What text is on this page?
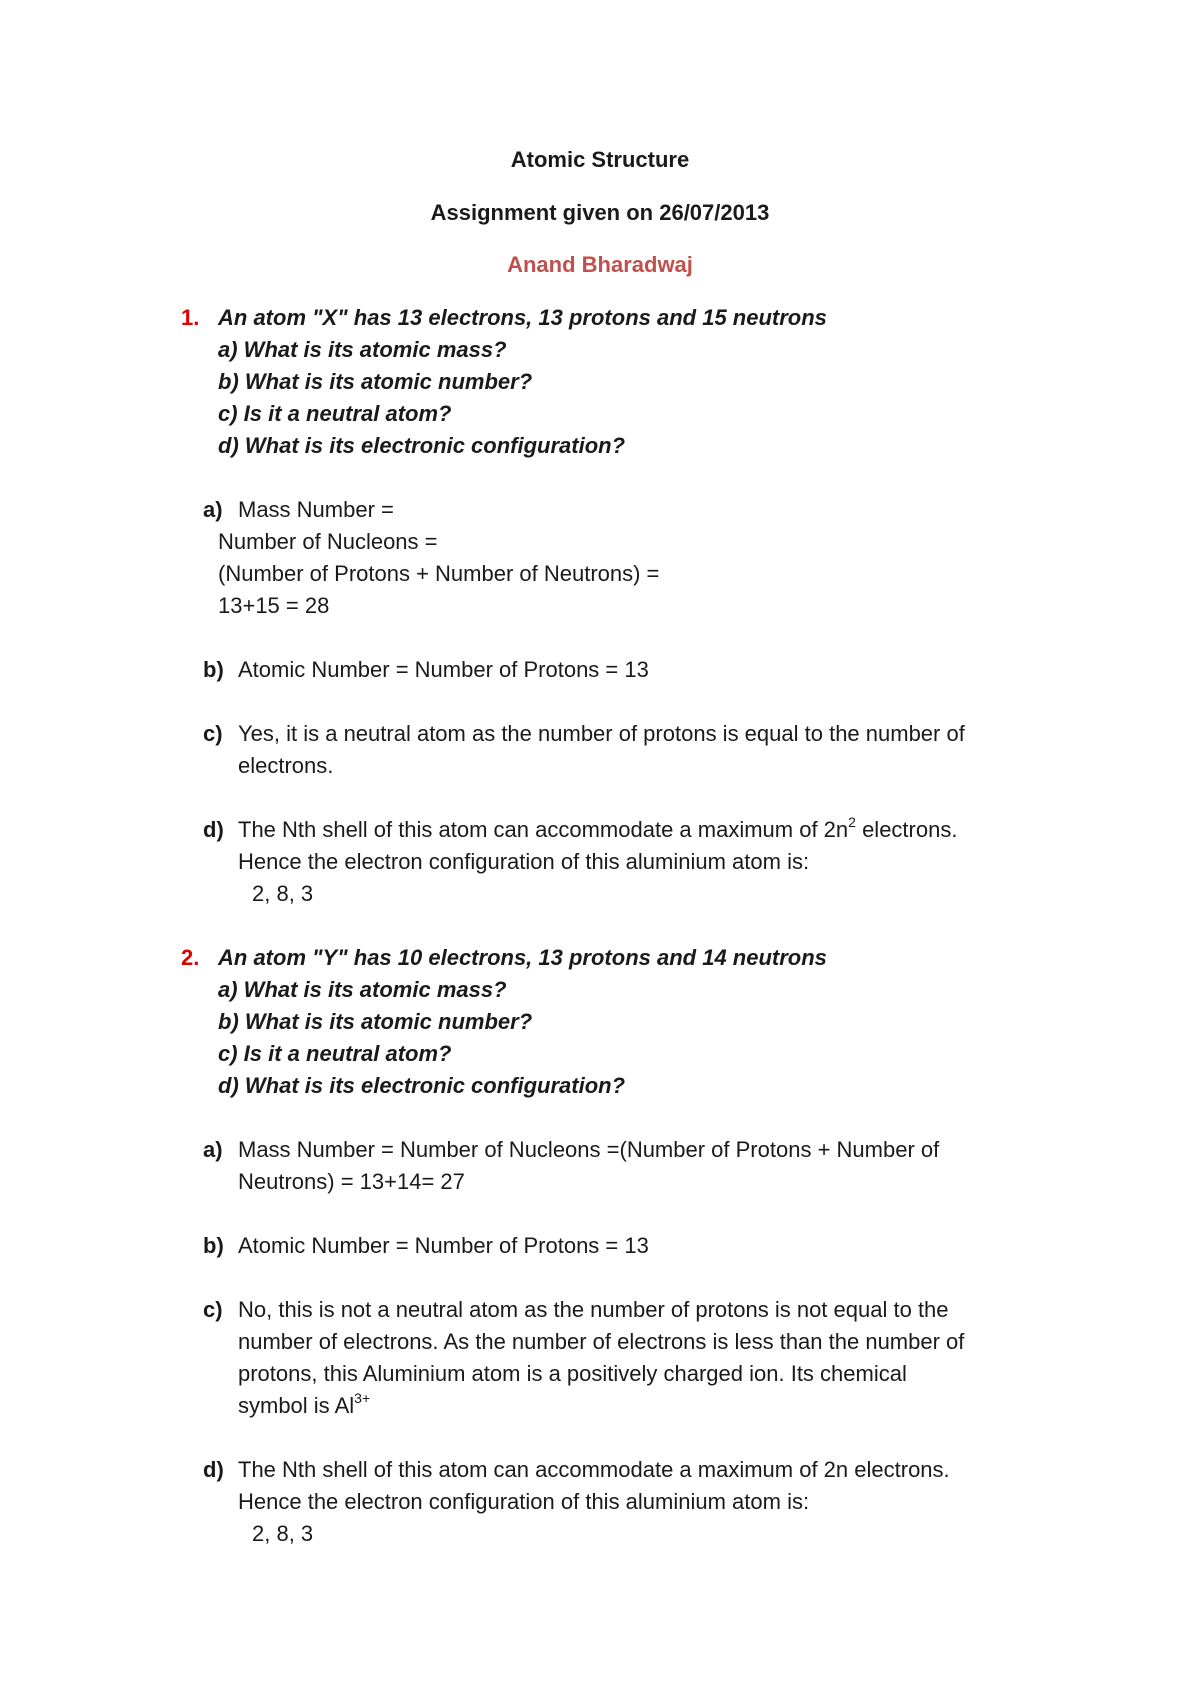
Atomic Structure
Assignment given on 26/07/2013
Anand Bharadwaj
1. An atom "X" has 13 electrons, 13 protons and 15 neutrons
a) What is its atomic mass?
b) What is its atomic number?
c) Is it a neutral atom?
d) What is its electronic configuration?
a) Mass Number =
Number of Nucleons =
(Number of Protons + Number of Neutrons) =
13+15 = 28
b) Atomic Number = Number of Protons = 13
c) Yes, it is a neutral atom as the number of protons is equal to the number of
electrons.
d) The Nth shell of this atom can accommodate a maximum of $2n^2$ electrons.
Hence the electron configuration of this aluminium atom is:
2, 8, 3
2. An atom "Y" has 10 electrons, 13 protons and 14 neutrons
a) What is its atomic mass?
b) What is its atomic number?
c) Is it a neutral atom?
d) What is its electronic configuration?
a) Mass Number = Number of Nucleons =(Number of Protons + Number of
Neutrons) = 13+14= 27
b) Atomic Number = Number of Protons = 13
c) No, this is not a neutral atom as the number of protons is not equal to the
number of electrons. As the number of electrons is less than the number of
protons, this Aluminium atom is a positively charged ion. Its chemical
symbol is $Al^{3+}$
d) The Nth shell of this atom can accommodate a maximum of 2n electrons.
Hence the electron configuration of this aluminium atom is:
2, 8, 3
